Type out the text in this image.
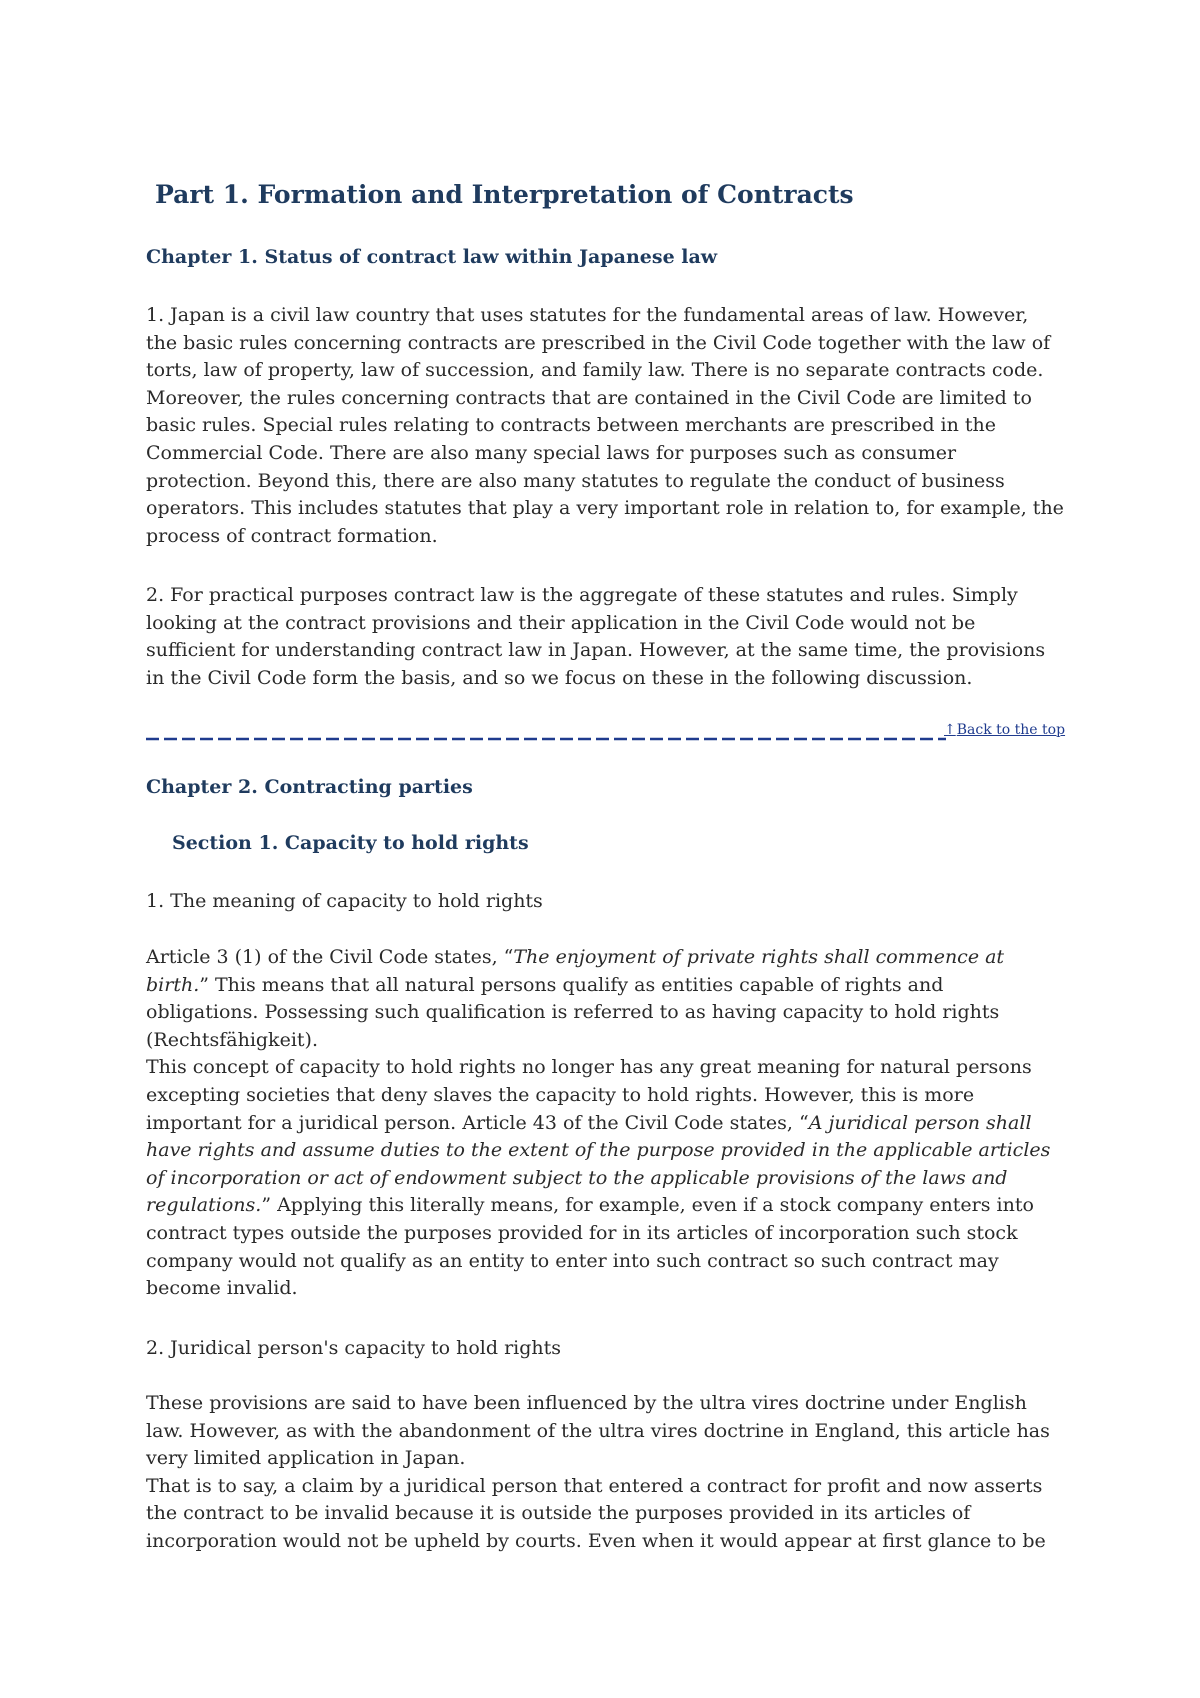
Part 1. Formation and Interpretation of Contracts
Chapter 1. Status of contract law within Japanese law
1. Japan is a civil law country that uses statutes for the fundamental areas of law. However,
the basic rules concerning contracts are prescribed in the Civil Code together with the law of
torts, law of property, law of succession, and family law. There is no separate contracts code.
Moreover, the rules concerning contracts that are contained in the Civil Code are limited to
basic rules. Special rules relating to contracts between merchants are prescribed in the
Commercial Code. There are also many special laws for purposes such as consumer
protection. Beyond this, there are also many statutes to regulate the conduct of business
operators. This includes statutes that play a very important role in relation to, for example, the
process of contract formation.
2. For practical purposes contract law is the aggregate of these statutes and rules. Simply
looking at the contract provisions and their application in the Civil Code would not be
sufficient for understanding contract law in Japan. However, at the same time, the provisions
in the Civil Code form the basis, and so we focus on these in the following discussion.
↑Back to the top
Chapter 2. Contracting parties
Section 1. Capacity to hold rights
1. The meaning of capacity to hold rights
Article 3 (1) of the Civil Code states, “The enjoyment of private rights shall commence at
birth.” This means that all natural persons qualify as entities capable of rights and
obligations. Possessing such qualification is referred to as having capacity to hold rights
(Rechtsfähigkeit).
This concept of capacity to hold rights no longer has any great meaning for natural persons
excepting societies that deny slaves the capacity to hold rights. However, this is more
important for a juridical person. Article 43 of the Civil Code states, “A juridical person shall
have rights and assume duties to the extent of the purpose provided in the applicable articles
of incorporation or act of endowment subject to the applicable provisions of the laws and
regulations.” Applying this literally means, for example, even if a stock company enters into
contract types outside the purposes provided for in its articles of incorporation such stock
company would not qualify as an entity to enter into such contract so such contract may
become invalid.
2. Juridical person's capacity to hold rights
These provisions are said to have been influenced by the ultra vires doctrine under English
law. However, as with the abandonment of the ultra vires doctrine in England, this article has
very limited application in Japan.
That is to say, a claim by a juridical person that entered a contract for profit and now asserts
the contract to be invalid because it is outside the purposes provided in its articles of
incorporation would not be upheld by courts. Even when it would appear at first glance to be
